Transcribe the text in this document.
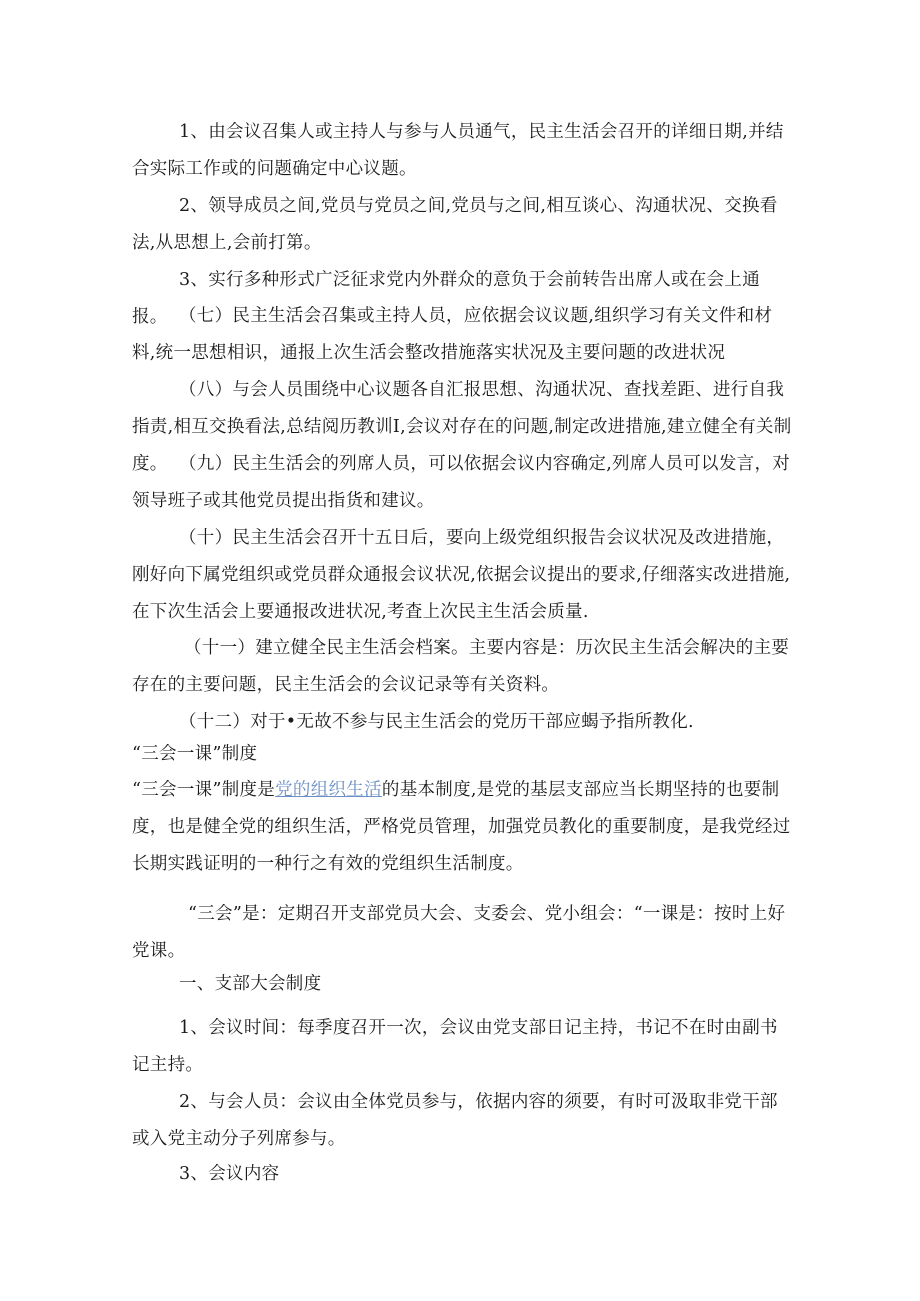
1、由会议召集人或主持人与参与人员通气，民主生活会召开的详细日期,并结合实际工作或的问题确定中心议题。

2、领导成员之间,党员与党员之间,党员与之间,相互谈心、沟通状况、交换看法,从思想上,会前打第。

3、实行多种形式广泛征求党内外群众的意负于会前转告出席人或在会上通报。 （七）民主生活会召集或主持人员，应依据会议议题,组织学习有关文件和材料,统一思想相识，通报上次生活会整改措施落实状况及主要问题的改进状况

（八）与会人员围绕中心议题各自汇报思想、沟通状况、查找差距、进行自我指责,相互交换看法,总结阅历教训I,会议对存在的问题,制定改进措施,建立健全有关制度。 （九）民主生活会的列席人员，可以依据会议内容确定,列席人员可以发言，对领导班子或其他党员提出指货和建议。

（十）民主生活会召开十五日后，要向上级党组织报告会议状况及改进措施，刚好向下属党组织或党员群众通报会议状况,依据会议提出的要求,仔细落实改进措施,在下次生活会上要通报改进状况,考査上次民主生活会质量.

（十一）建立健全民主生活会档案。主要内容是：历次民主生活会解决的主要存在的主要问题，民主生活会的会议记录等有关资料。

（十二）对于•无故不参与民主生活会的党历干部应蝎予指所教化.

“三会一课”制度

“三会一课”制度是党的组织生活的基本制度,是党的基层支部应当长期坚持的也要制度，也是健全党的组织生活，严格党员管理，加强党员教化的重要制度，是我党经过长期实践证明的一种行之有效的党组织生活制度。

“三会”是：定期召开支部党员大会、支委会、党小组会：“一课是：按时上好党课。

一、支部大会制度

1、会议时间：每季度召开一次，会议由党支部日记主持，书记不在时由副书记主持。

2、与会人员：会议由全体党员参与，依据内容的须要，有时可汲取非党干部或入党主动分子列席参与。

3、会议内容
